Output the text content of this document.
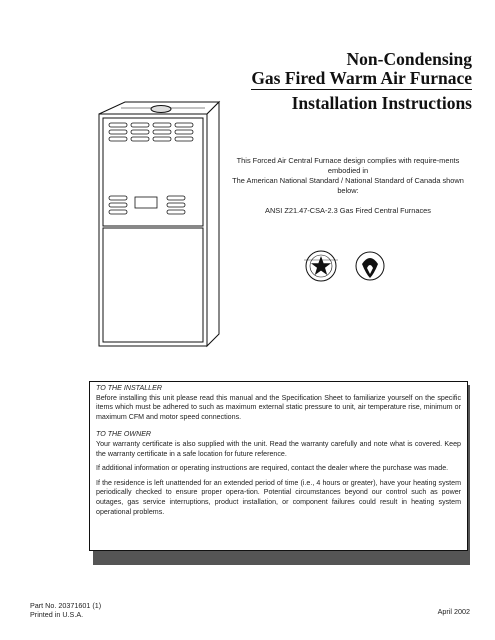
Non-Condensing
Gas Fired Warm Air Furnace
Installation Instructions

This Forced Air Central Furnace design complies with require-ments embodied in

The American National Standard / National Standard of Canada shown below:

ANSI Z21.47-CSA-2.3 Gas Fired Central Furnaces

TO THE INSTALLER

Before installing this unit please read this manual and the Specification Sheet to familiarize yourself on the specific items which must be adhered to such as maximum external static pressure to unit, air temperature rise, minimum or maximum CFM and motor speed connections.

TO THE OWNER

Your warranty certificate is also supplied with the unit. Read the warranty carefully and note what is covered. Keep the warranty certificate in a safe location for future reference.

If additional information or operating instructions are required, contact the dealer where the purchase was made.

If the residence is left unattended for an extended period of time (i.e., 4 hours or greater), have your heating system periodically checked to ensure proper opera-tion. Potential circumstances beyond our control such as power outages, gas service interruptions, product installation, or component failures could result in heating system operational problems.

Part No. 20371601 (1)
Printed in U.S.A.	April 2002
